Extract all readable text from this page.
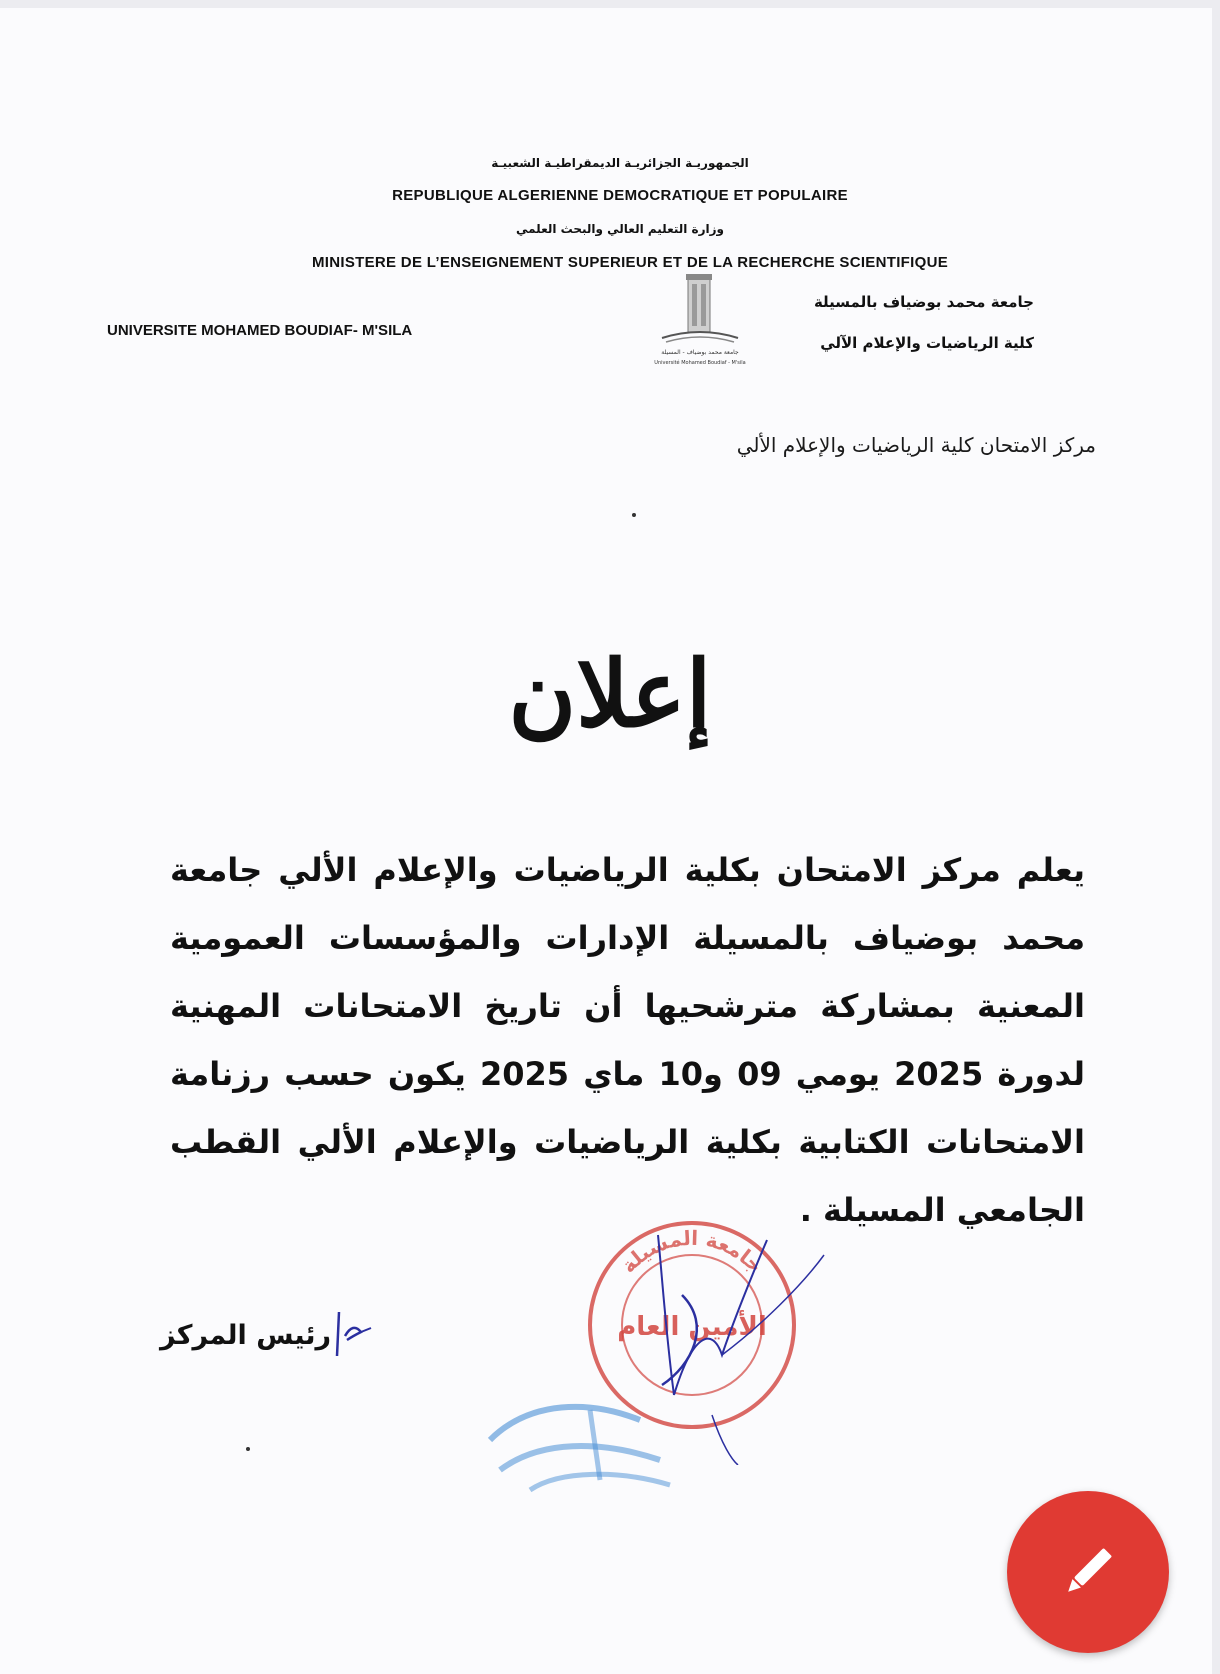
الجمهوريـة الجزائريـة الديمقراطيـة الشعبيـة
REPUBLIQUE ALGERIENNE DEMOCRATIQUE ET POPULAIRE
وزارة التعليم العالي والبحث العلمي
MINISTERE DE L’ENSEIGNEMENT SUPERIEUR ET DE LA RECHERCHE SCIENTIFIQUE
UNIVERSITE MOHAMED BOUDIAF- M'SILA
جامعة محمد بوضياف بالمسيلة
كلية الرياضيات والإعلام الآلي
جامعة محمد بوضياف - المسيلة
Université Mohamed Boudiaf - M'sila
مركز الامتحان كلية الرياضيات والإعلام الألي
إعلان
يعلم مركز الامتحان بكلية الرياضيات والإعلام الألي جامعة محمد بوضياف بالمسيلة الإدارات والمؤسسات العمومية المعنية بمشاركة مترشحيها أن تاريخ الامتحانات المهنية لدورة 2025 يومي 09 و10 ماي 2025 يكون حسب رزنامة الامتحانات الكتابية بكلية الرياضيات والإعلام الألي القطب الجامعي المسيلة .
رئيس المركز
جامعة المسيلة
الأمين العام
